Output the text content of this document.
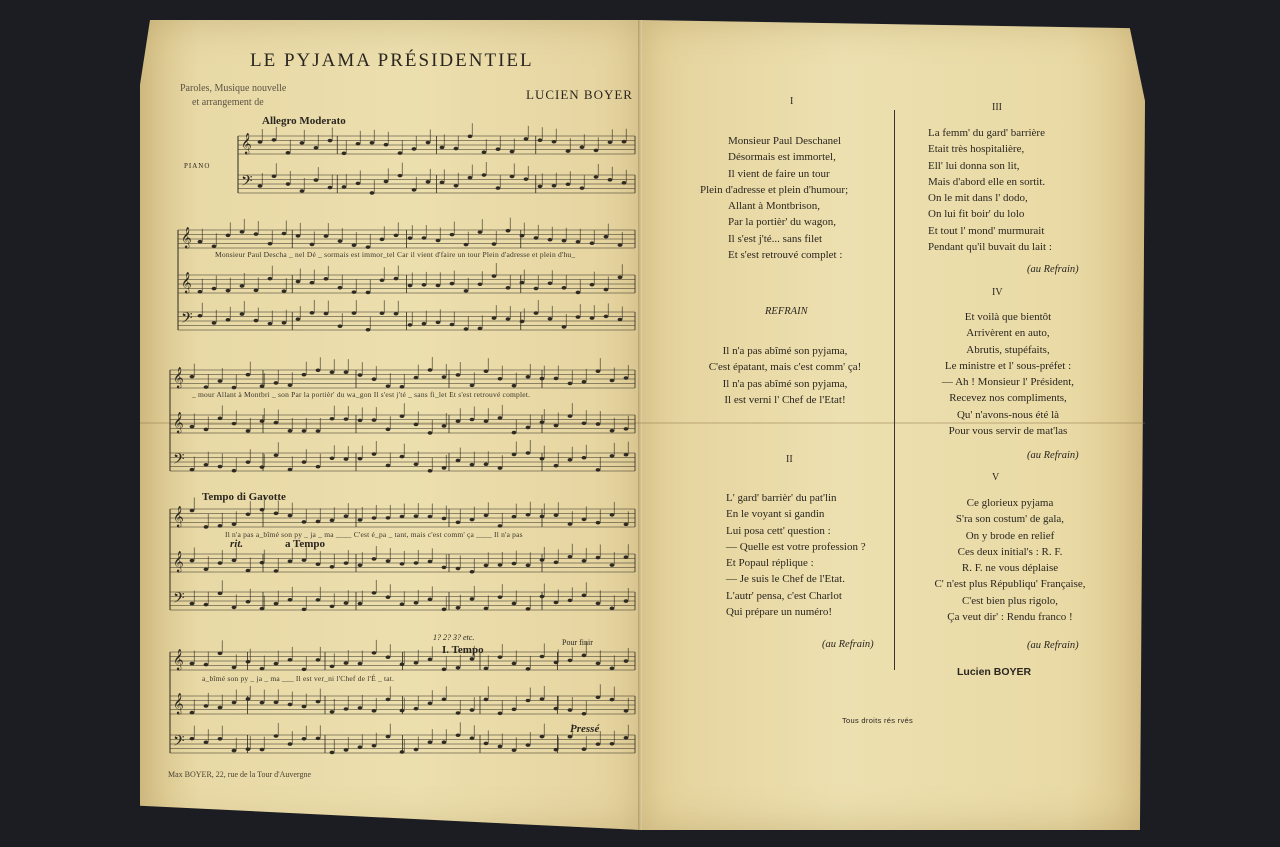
𝄞
𝄢
𝄞
𝄞
𝄢
𝄞
𝄞
𝄢
𝄞
𝄞
𝄢
𝄞
𝄞
𝄢
LE PYJAMA PRÉSIDENTIEL
Paroles, Musique nouvelle
et arrangement de
LUCIEN BOYER
Allegro Moderato
PIANO
Monsieur Paul Descha _ nel Dé _ sormais est immor_tel Car il vient d'faire un tour Plein d'adresse et plein d'hu_
_ mour Allant à Montbri _ son Par la portièr' du wa_gon Il s'est j'té _ sans fi_let Et s'est retrouvé complet.
Tempo di Gavotte
Il n'a pas a_bîmé son py _ ja _ ma ____ C'est é_pa _ tant, mais c'est comm' ça ____ Il n'a pas
rit.	a Tempo
1? 2? 3? etc.
I. Tempo
Pour finir
a_bîmé son py _ ja _ ma ___ Il est ver_ni l'Chef de l'É _ tat.
Pressé
Max BOYER, 22, rue de la Tour d'Auvergne
I
Monsieur Paul Deschanel
Désormais est immortel,
Il vient de faire un tour
Plein d'adresse et plein d'humour;
Allant à Montbrison,
Par la portièr' du wagon,
Il s'est j'té... sans filet
Et s'est retrouvé complet :
REFRAIN
Il n'a pas abîmé son pyjama,
C'est épatant, mais c'est comm' ça!
Il n'a pas abîmé son pyjama,
Il est verni l' Chef de l'Etat!
II
L' gard' barrièr' du pat'lin
En le voyant si gandin
Lui posa cett' question :
— Quelle est votre profession ?
Et Popaul réplique :
— Je suis le Chef de l'Etat.
L'autr' pensa, c'est Charlot
Qui prépare un numéro!
(au Refrain)
III
La femm' du gard' barrière
Etait très hospitalière,
Ell' lui donna son lit,
Mais d'abord elle en sortit.
On le mit dans l' dodo,
On lui fit boir' du lolo
Et tout l' mond' murmurait
Pendant qu'il buvait du lait :
(au Refrain)
IV
Et voilà que bientôt
Arrivèrent en auto,
Abrutis, stupéfaits,
Le ministre et l' sous-préfet :
— Ah ! Monsieur l' Président,
Recevez nos compliments,
Qu' n'avons-nous été là
Pour vous servir de mat'las
(au Refrain)
V
Ce glorieux pyjama
S'ra son costum' de gala,
On y brode en relief
Ces deux initial's : R. F.
R. F. ne vous déplaise
C' n'est plus Républiqu' Française,
C'est bien plus rigolo,
Ça veut dir' : Rendu franco !
(au Refrain)
Lucien BOYER
Tous droits rés rvés
